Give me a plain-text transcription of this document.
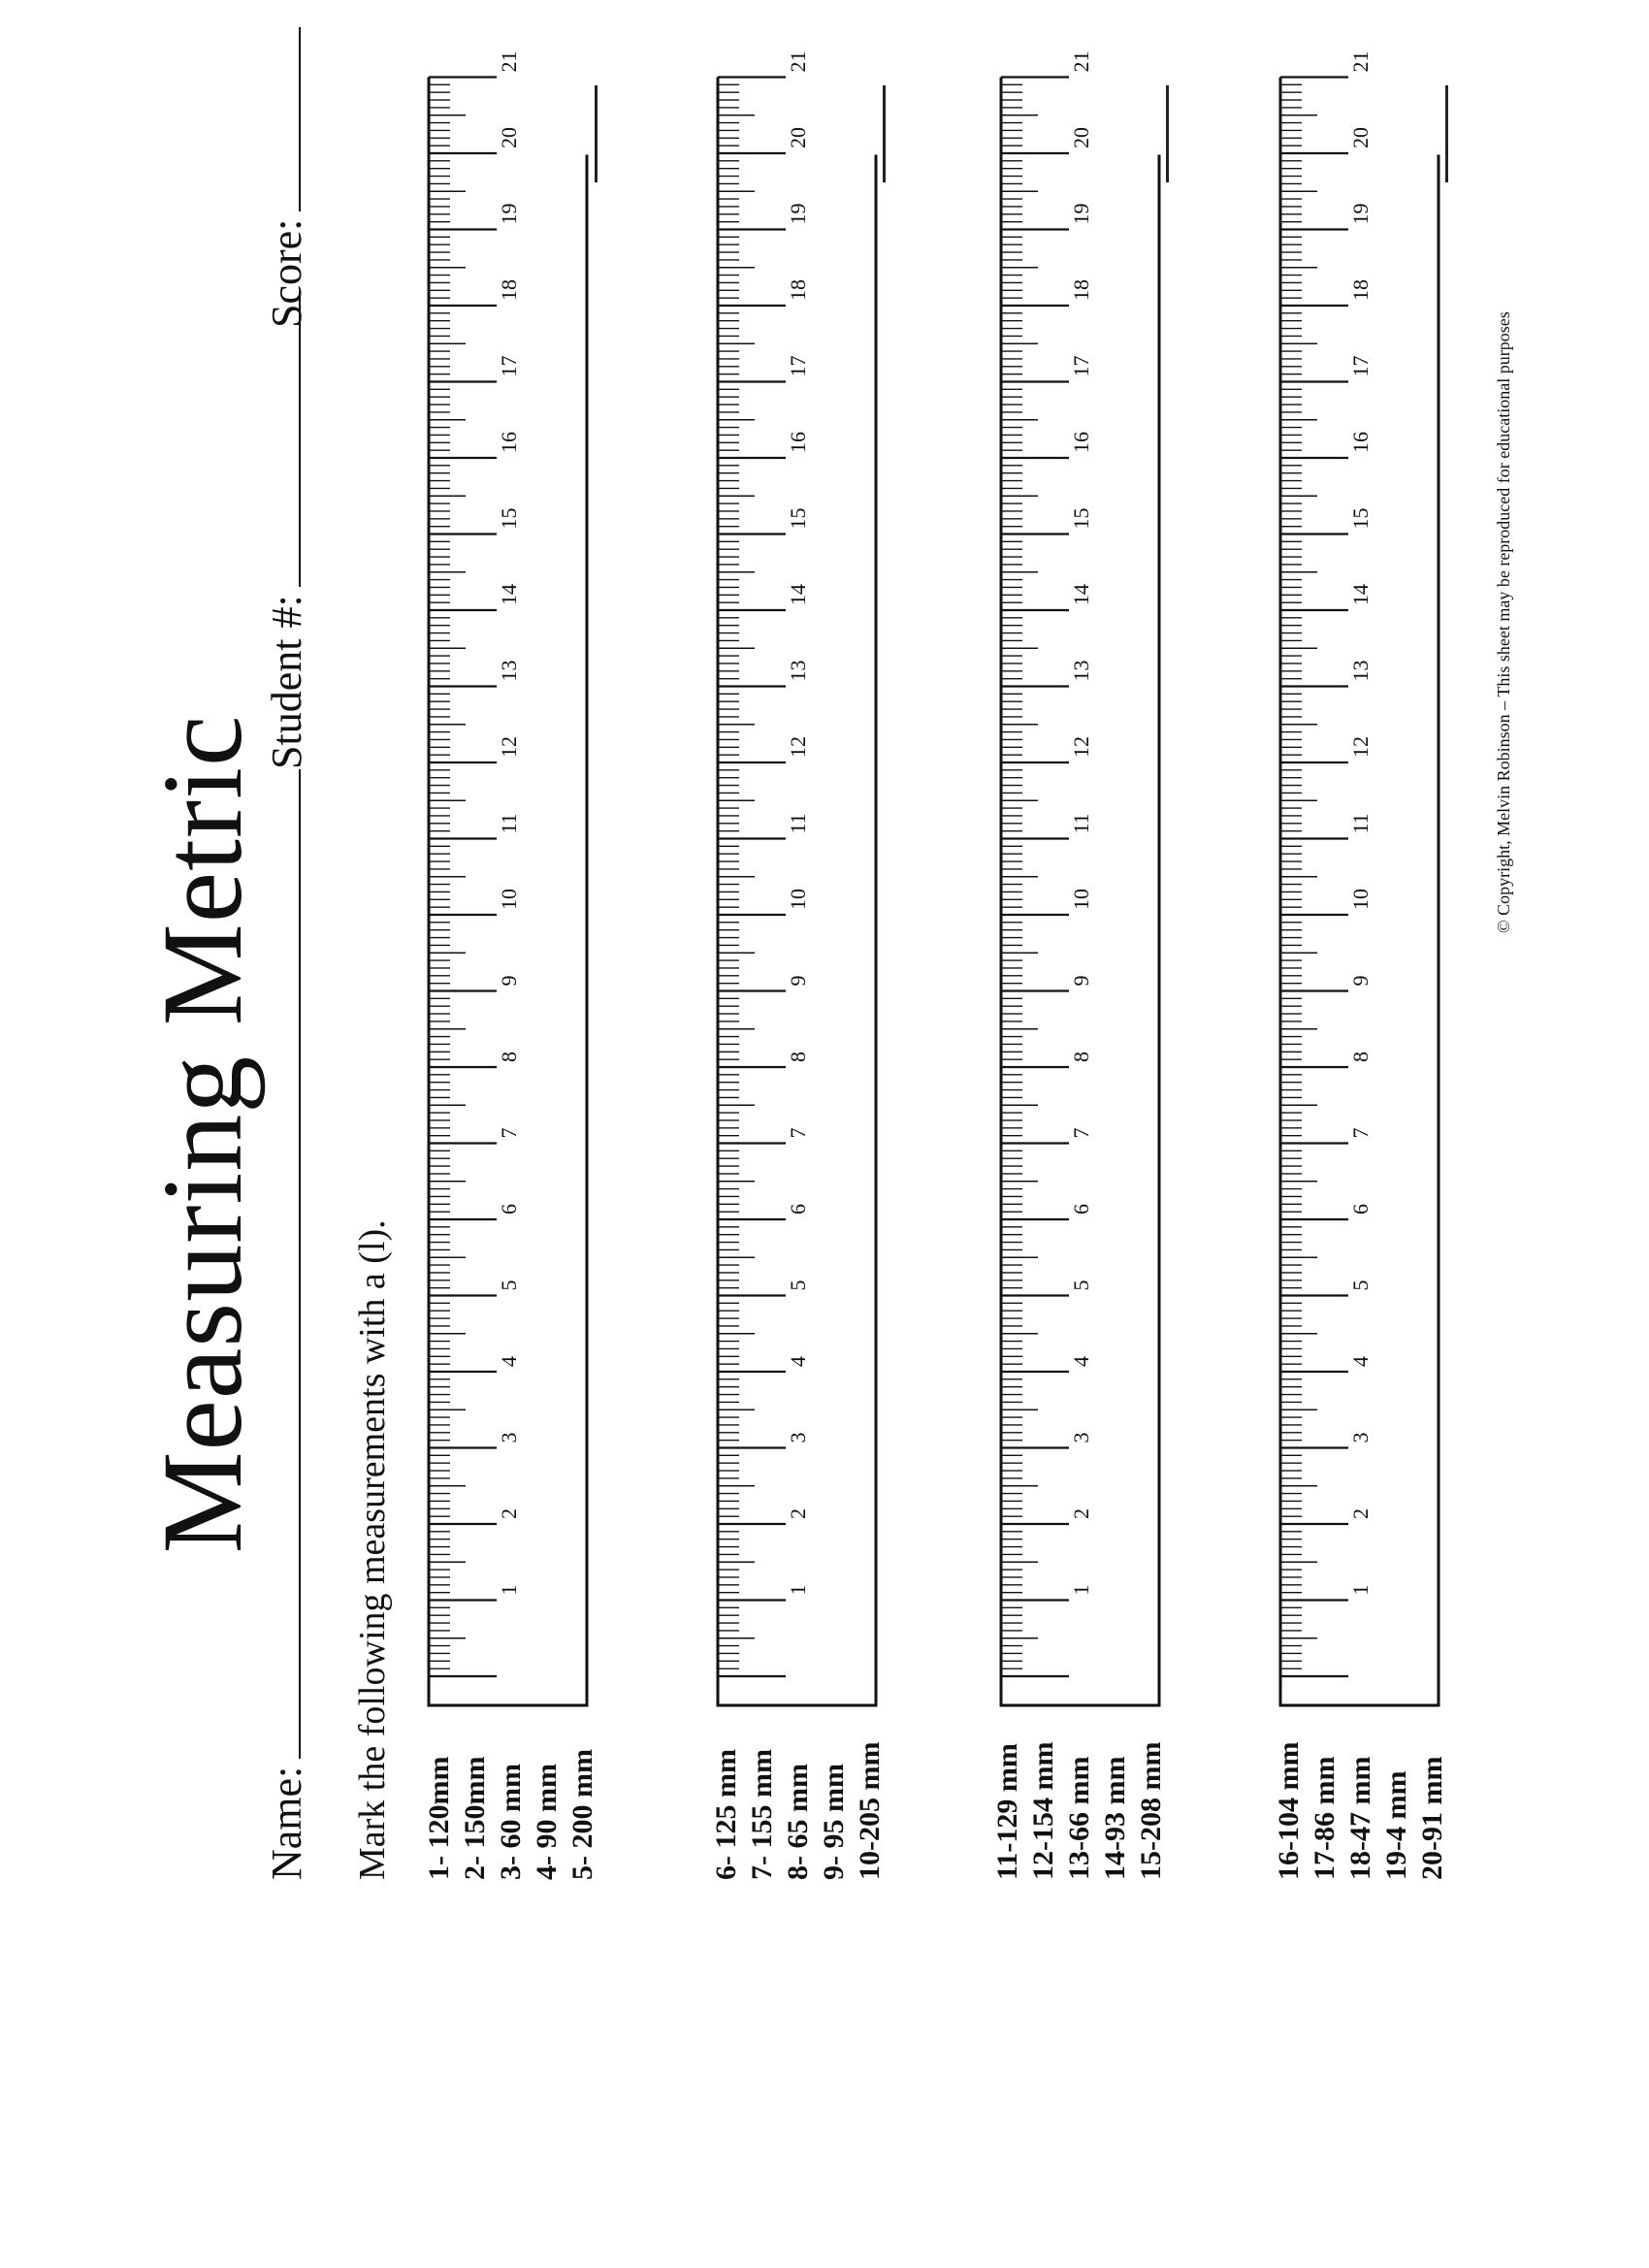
Measuring Metric
Name:
Student #:
Score:
Mark the following measurements with a (l). 1- 120mm 2- 150mm 3- 60 mm 4- 90 mm 5- 200 mm
1
2
3
4
5
6
7
8
9
10
11
12
13
14
15
16
17
18
19
20
21
6- 125 mm 7- 155 mm 8- 65 mm 9- 95 mm 10-205 mm
1
2
3
4
5
6
7
8
9
10
11
12
13
14
15
16
17
18
19
20
21
11-129 mm 12-154 mm 13-66 mm 14-93 mm 15-208 mm
1
2
3
4
5
6
7
8
9
10
11
12
13
14
15
16
17
18
19
20
21
16-104 mm 17-86 mm 18-47 mm 19-4 mm 20-91 mm
1
2
3
4
5
6
7
8
9
10
11
12
13
14
15
16
17
18
19
20
21
© Copyright, Melvin Robinson – This sheet may be reproduced for educational purposes
